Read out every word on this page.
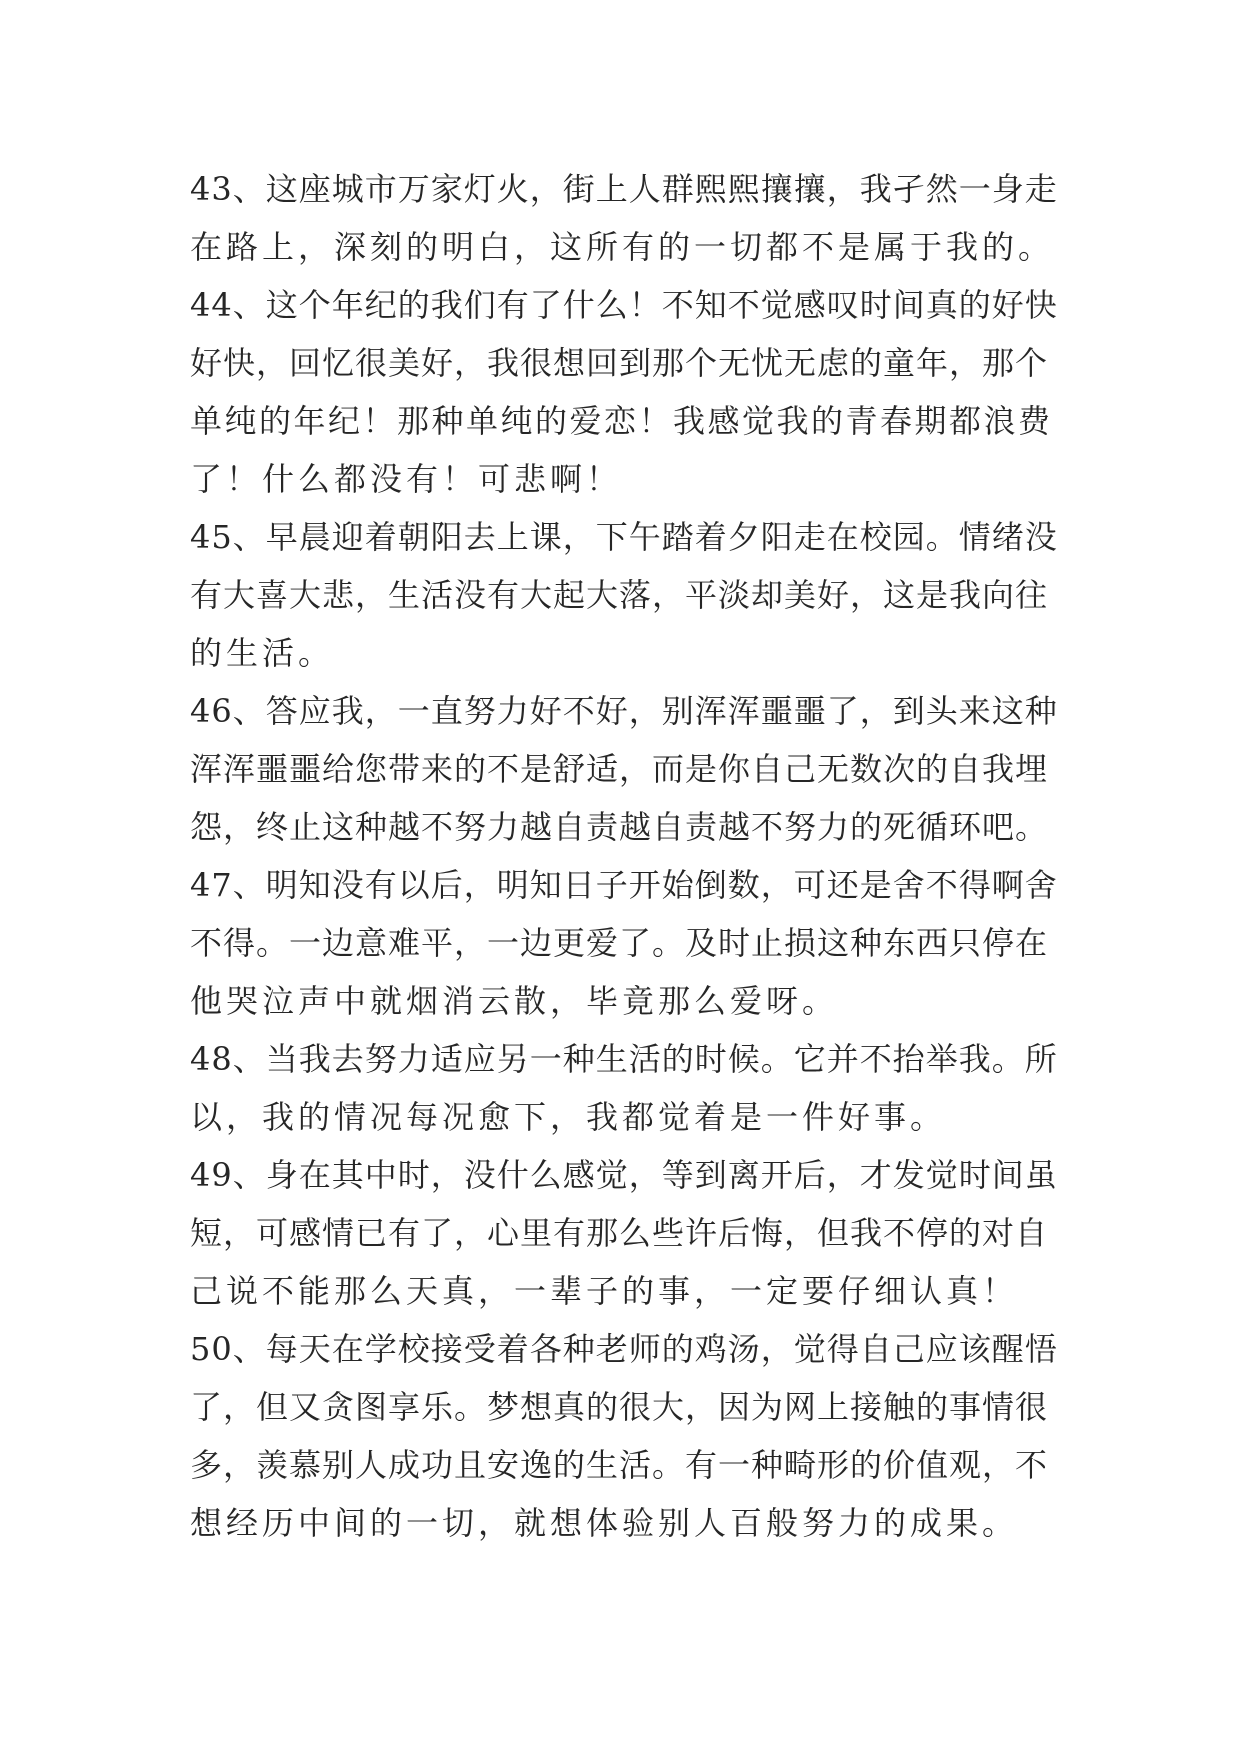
43、这座城市万家灯火，街上人群熙熙攘攘，我孑然一身走
在路上，深刻的明白，这所有的一切都不是属于我的。
44、这个年纪的我们有了什么！不知不觉感叹时间真的好快
好快，回忆很美好，我很想回到那个无忧无虑的童年，那个
单纯的年纪！那种单纯的爱恋！我感觉我的青春期都浪费
了！什么都没有！可悲啊！
45、早晨迎着朝阳去上课，下午踏着夕阳走在校园。情绪没
有大喜大悲，生活没有大起大落，平淡却美好，这是我向往
的生活。
46、答应我，一直努力好不好，别浑浑噩噩了，到头来这种
浑浑噩噩给您带来的不是舒适，而是你自己无数次的自我埋
怨，终止这种越不努力越自责越自责越不努力的死循环吧。
47、明知没有以后，明知日子开始倒数，可还是舍不得啊舍
不得。一边意难平，一边更爱了。及时止损这种东西只停在
他哭泣声中就烟消云散，毕竟那么爱呀。
48、当我去努力适应另一种生活的时候。它并不抬举我。所
以，我的情况每况愈下，我都觉着是一件好事。
49、身在其中时，没什么感觉，等到离开后，才发觉时间虽
短，可感情已有了，心里有那么些许后悔，但我不停的对自
己说不能那么天真，一辈子的事，一定要仔细认真！
50、每天在学校接受着各种老师的鸡汤，觉得自己应该醒悟
了，但又贪图享乐。梦想真的很大，因为网上接触的事情很
多，羡慕别人成功且安逸的生活。有一种畸形的价值观，不
想经历中间的一切，就想体验别人百般努力的成果。
